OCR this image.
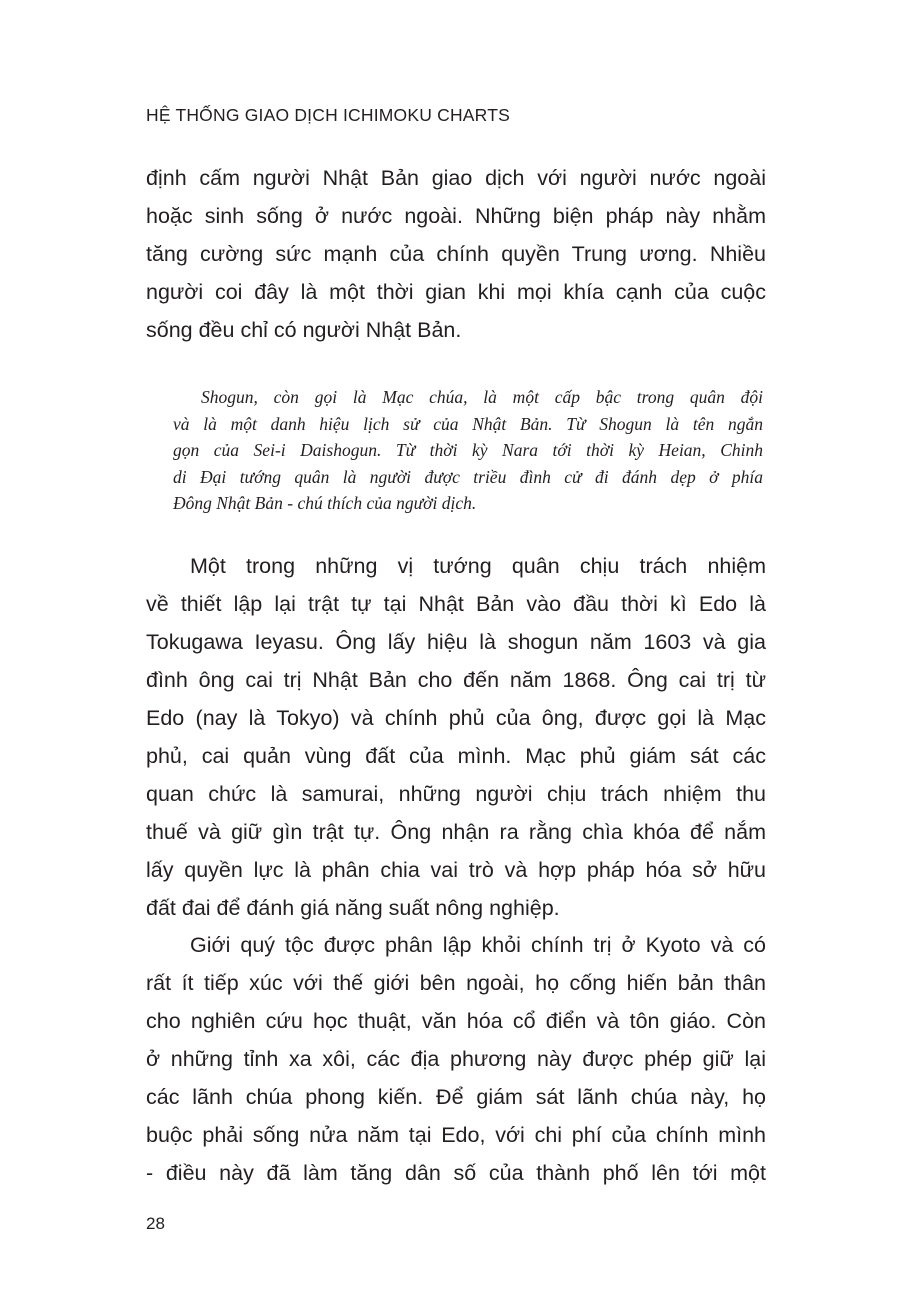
HỆ THỐNG GIAO DỊCH ICHIMOKU CHARTS
định cấm người Nhật Bản giao dịch với người nước ngoài
hoặc sinh sống ở nước ngoài. Những biện pháp này nhằm
tăng cường sức mạnh của chính quyền Trung ương. Nhiều
người coi đây là một thời gian khi mọi khía cạnh của cuộc
sống đều chỉ có người Nhật Bản.
Shogun, còn gọi là Mạc chúa, là một cấp bậc trong quân đội
và là một danh hiệu lịch sử của Nhật Bản. Từ Shogun là tên ngắn
gọn của Sei-i Daishogun. Từ thời kỳ Nara tới thời kỳ Heian, Chinh
di Đại tướng quân là người được triều đình cử đi đánh dẹp ở phía
Đông Nhật Bản - chú thích của người dịch.
Một trong những vị tướng quân chịu trách nhiệm
về thiết lập lại trật tự tại Nhật Bản vào đầu thời kì Edo là
Tokugawa Ieyasu. Ông lấy hiệu là shogun năm 1603 và gia
đình ông cai trị Nhật Bản cho đến năm 1868. Ông cai trị từ
Edo (nay là Tokyo) và chính phủ của ông, được gọi là Mạc
phủ, cai quản vùng đất của mình. Mạc phủ giám sát các
quan chức là samurai, những người chịu trách nhiệm thu
thuế và giữ gìn trật tự. Ông nhận ra rằng chìa khóa để nắm
lấy quyền lực là phân chia vai trò và hợp pháp hóa sở hữu
đất đai để đánh giá năng suất nông nghiệp.
Giới quý tộc được phân lập khỏi chính trị ở Kyoto và có
rất ít tiếp xúc với thế giới bên ngoài, họ cống hiến bản thân
cho nghiên cứu học thuật, văn hóa cổ điển và tôn giáo. Còn
ở những tỉnh xa xôi, các địa phương này được phép giữ lại
các lãnh chúa phong kiến. Để giám sát lãnh chúa này, họ
buộc phải sống nửa năm tại Edo, với chi phí của chính mình
- điều này đã làm tăng dân số của thành phố lên tới một
28
